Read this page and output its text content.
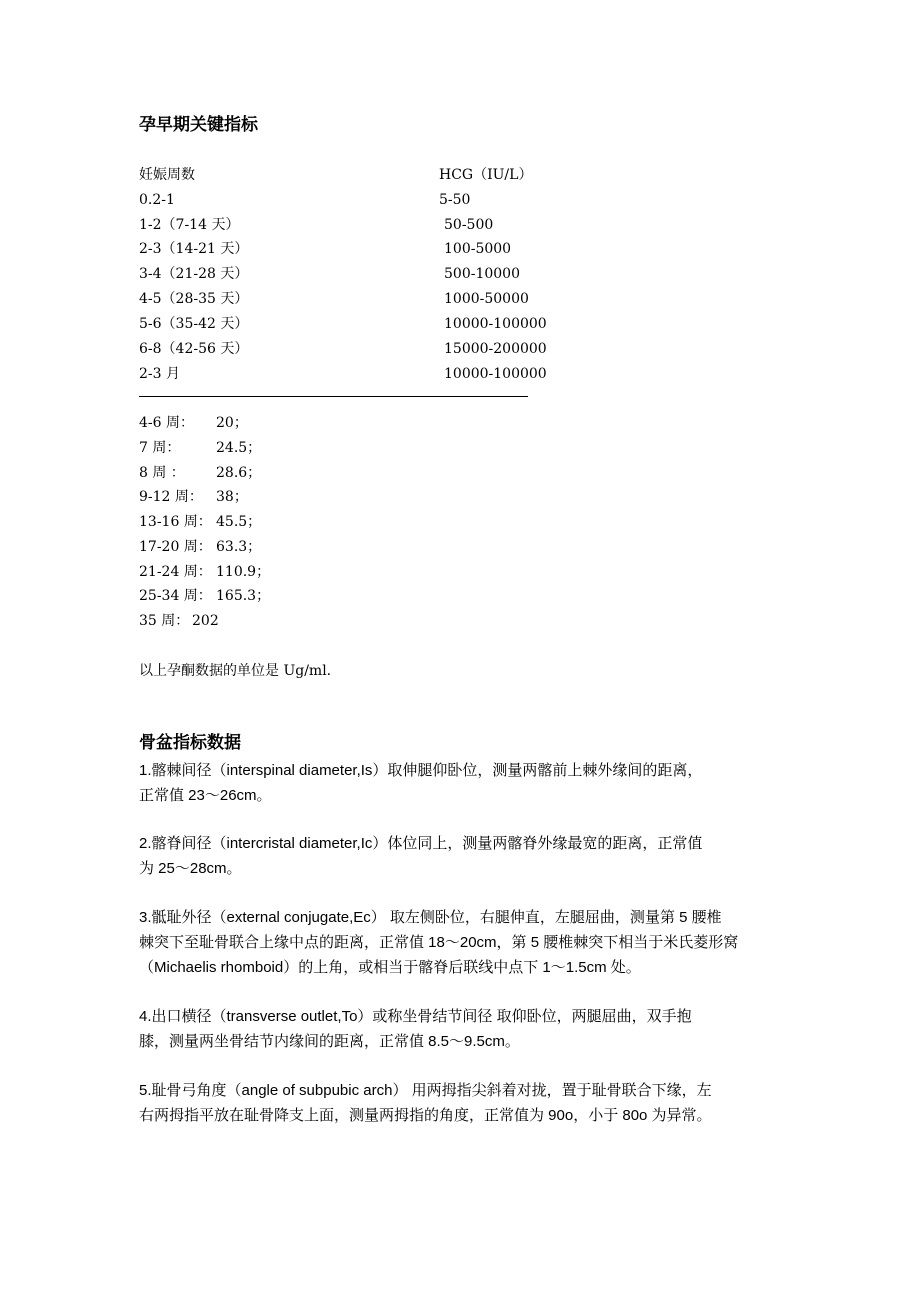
孕早期关键指标
妊娠周数	HCG（IU/L）
0.2-1	5-50
1-2（7-14 天）	50-500
2-3（14-21 天）	100-5000
3-4（21-28 天）	500-10000
4-5（28-35 天）	1000-50000
5-6（35-42 天）	10000-100000
6-8（42-56 天）	15000-200000
2-3 月	10000-100000
4-6 周： 20；
7 周：	24.5；
8 周 ： 28.6；
9-12 周： 38；
13-16 周： 45.5；
17-20 周： 63.3；
21-24 周： 110.9；
25-34 周： 165.3；
35 周： 202
以上孕酮数据的单位是 Ug/ml.
骨盆指标数据
1.髂棘间径（interspinal diameter,Is）取伸腿仰卧位，测量两髂前上棘外缘间的距离，
正常值 23～26cm。
2.髂脊间径（intercristal diameter,Ic）体位同上，测量两髂脊外缘最宽的距离，正常值
为 25～28cm。
3.骶耻外径（external conjugate,Ec） 取左侧卧位，右腿伸直，左腿屈曲，测量第 5 腰椎
棘突下至耻骨联合上缘中点的距离，正常值 18～20cm，第 5 腰椎棘突下相当于米氏菱形窝
（Michaelis rhomboid）的上角，或相当于髂脊后联线中点下 1～1.5cm 处。
4.出口横径（transverse outlet,To）或称坐骨结节间径 取仰卧位，两腿屈曲，双手抱
膝，测量两坐骨结节内缘间的距离，正常值 8.5～9.5cm。
5.耻骨弓角度（angle of subpubic arch） 用两拇指尖斜着对拢，置于耻骨联合下缘，左
右两拇指平放在耻骨降支上面，测量两拇指的角度，正常值为 90o，小于 80o 为异常。
